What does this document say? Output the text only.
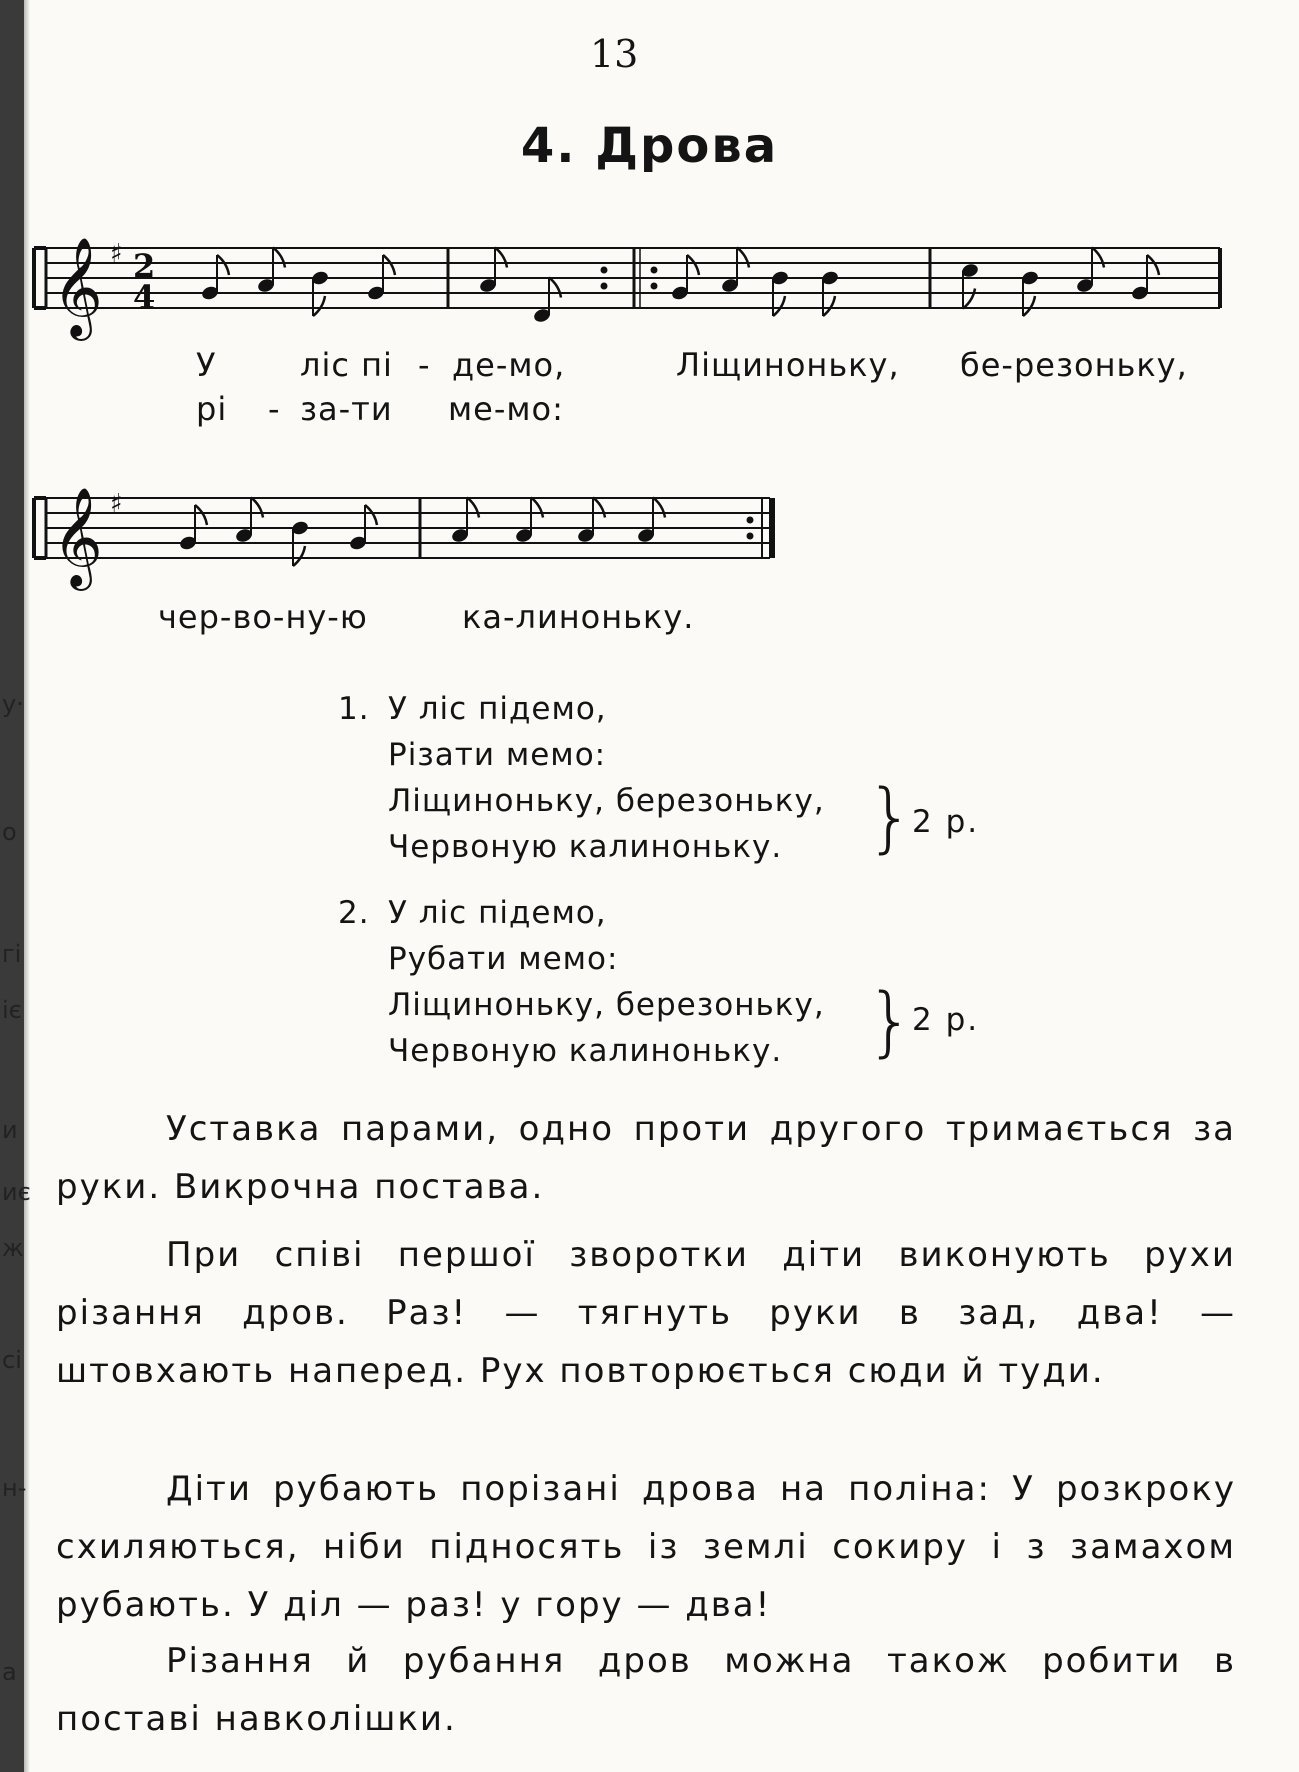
у·
о
гі
іє
и
иє
ж
сі
н-
а
13
4. Дрова
𝄞 ♯ 2
4
У	ліс пі - де-мо,	Ліщиноньку, бе-резоньку,
рі - за-ти ме-мо:
𝄞 ♯
чер-во-ну-ю	ка-линоньку.
1. У ліс підемо,
Різати мемо:
Ліщиноньку, березоньку,
Червоную калиноньку.	}
2 р.
2. У ліс підемо,
Рубати мемо:
Ліщиноньку, березоньку,
Червоную калиноньку.	}
2 р.

Уставка парами, одно проти другого тримається за руки. Викрочна постава.

При співі першої зворотки діти виконують рухи різання дров. Раз! — тягнуть руки в зад, два! — штовхають наперед. Рух повторюється сюди й туди.

Діти рубають порізані дрова на поліна: У розкроку схиляються, ніби підносять із землі сокиру і з замахом рубають. У діл — раз! у гору — два!

Різання й рубання дров можна також робити в поставі навколішки.
